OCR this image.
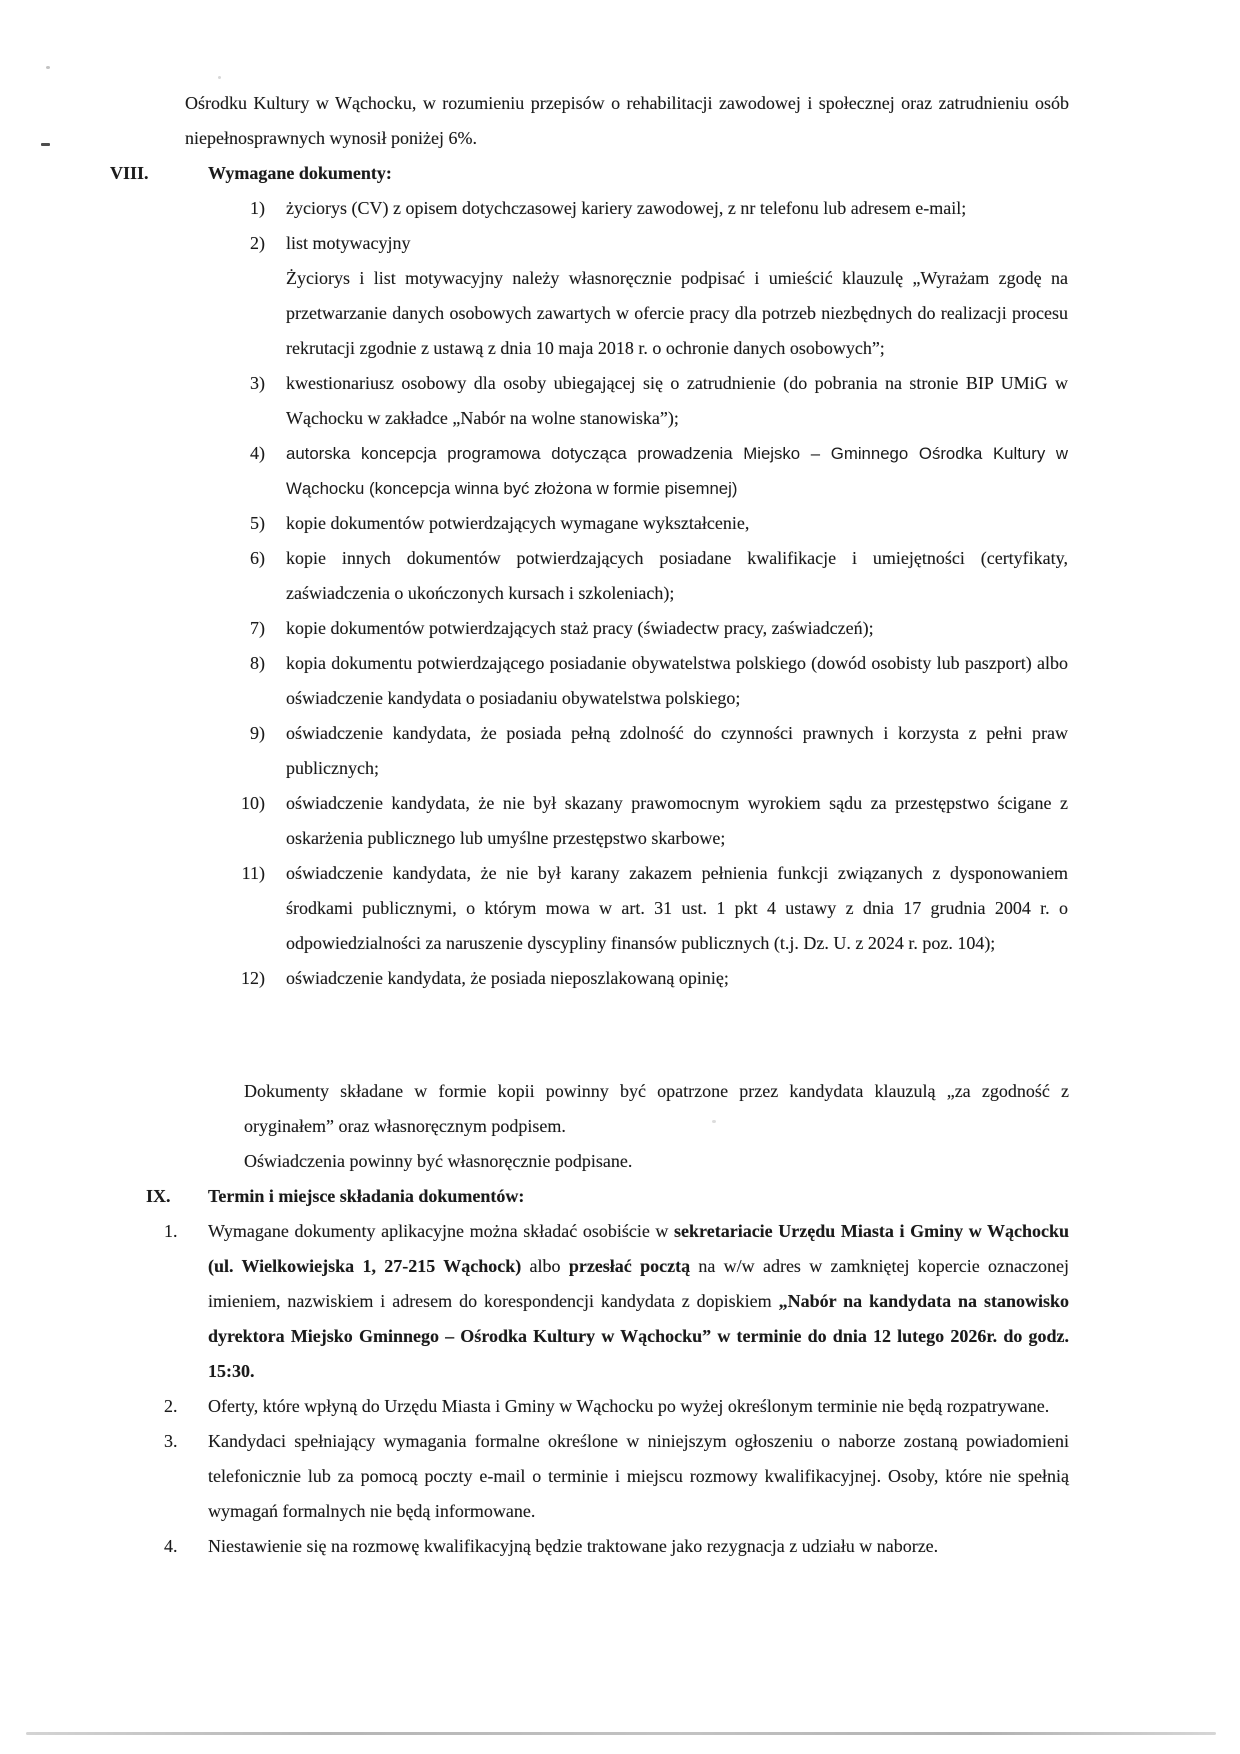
Ośrodku Kultury w Wąchocku, w rozumieniu przepisów o rehabilitacji zawodowej i społecznej oraz zatrudnieniu osób niepełnosprawnych wynosił poniżej 6%.

VIII.	Wymagane dokumenty:
1) życiorys (CV) z opisem dotychczasowej kariery zawodowej, z nr telefonu lub adresem e-mail;

2) list motywacyjny

Życiorys i list motywacyjny należy własnoręcznie podpisać i umieścić klauzulę „Wyrażam zgodę na przetwarzanie danych osobowych zawartych w ofercie pracy dla potrzeb niezbędnych do realizacji procesu rekrutacji zgodnie z ustawą z dnia 10 maja 2018 r. o ochronie danych osobowych”;

3) kwestionariusz osobowy dla osoby ubiegającej się o zatrudnienie (do pobrania na stronie BIP UMiG w Wąchocku w zakładce „Nabór na wolne stanowiska”);

4) autorska koncepcja programowa dotycząca prowadzenia Miejsko – Gminnego Ośrodka Kultury w Wąchocku (koncepcja winna być złożona w formie pisemnej)

5) kopie dokumentów potwierdzających wymagane wykształcenie,

6) kopie innych dokumentów potwierdzających posiadane kwalifikacje i umiejętności (certyfikaty, zaświadczenia o ukończonych kursach i szkoleniach);

7) kopie dokumentów potwierdzających staż pracy (świadectw pracy, zaświadczeń);

8) kopia dokumentu potwierdzającego posiadanie obywatelstwa polskiego (dowód osobisty lub paszport) albo oświadczenie kandydata o posiadaniu obywatelstwa polskiego;

9) oświadczenie kandydata, że posiada pełną zdolność do czynności prawnych i korzysta z pełni praw publicznych;

10) oświadczenie kandydata, że nie był skazany prawomocnym wyrokiem sądu za przestępstwo ścigane z oskarżenia publicznego lub umyślne przestępstwo skarbowe;

11) oświadczenie kandydata, że nie był karany zakazem pełnienia funkcji związanych z dysponowaniem środkami publicznymi, o którym mowa w art. 31 ust. 1 pkt 4 ustawy z dnia 17 grudnia 2004 r. o odpowiedzialności za naruszenie dyscypliny finansów publicznych (t.j. Dz. U. z 2024 r. poz. 104);

12) oświadczenie kandydata, że posiada nieposzlakowaną opinię;

Dokumenty składane w formie kopii powinny być opatrzone przez kandydata klauzulą „za zgodność z oryginałem” oraz własnoręcznym podpisem.

Oświadczenia powinny być własnoręcznie podpisane.

IX.	Termin i miejsce składania dokumentów:
1.	Wymagane dokumenty aplikacyjne można składać osobiście w sekretariacie Urzędu Miasta i Gminy w Wąchocku (ul. Wielkowiejska 1, 27-215 Wąchock) albo przesłać pocztą na w/w adres w zamkniętej kopercie oznaczonej imieniem, nazwiskiem i adresem do korespondencji kandydata z dopiskiem „Nabór na kandydata na stanowisko dyrektora Miejsko Gminnego – Ośrodka Kultury w Wąchocku” w terminie do dnia 12 lutego 2026r. do godz. 15:30.
2.	Oferty, które wpłyną do Urzędu Miasta i Gminy w Wąchocku po wyżej określonym terminie nie będą rozpatrywane.
3.	Kandydaci spełniający wymagania formalne określone w niniejszym ogłoszeniu o naborze zostaną powiadomieni telefonicznie lub za pomocą poczty e-mail o terminie i miejscu rozmowy kwalifikacyjnej. Osoby, które nie spełnią wymagań formalnych nie będą informowane.
4.	Niestawienie się na rozmowę kwalifikacyjną będzie traktowane jako rezygnacja z udziału w naborze.
